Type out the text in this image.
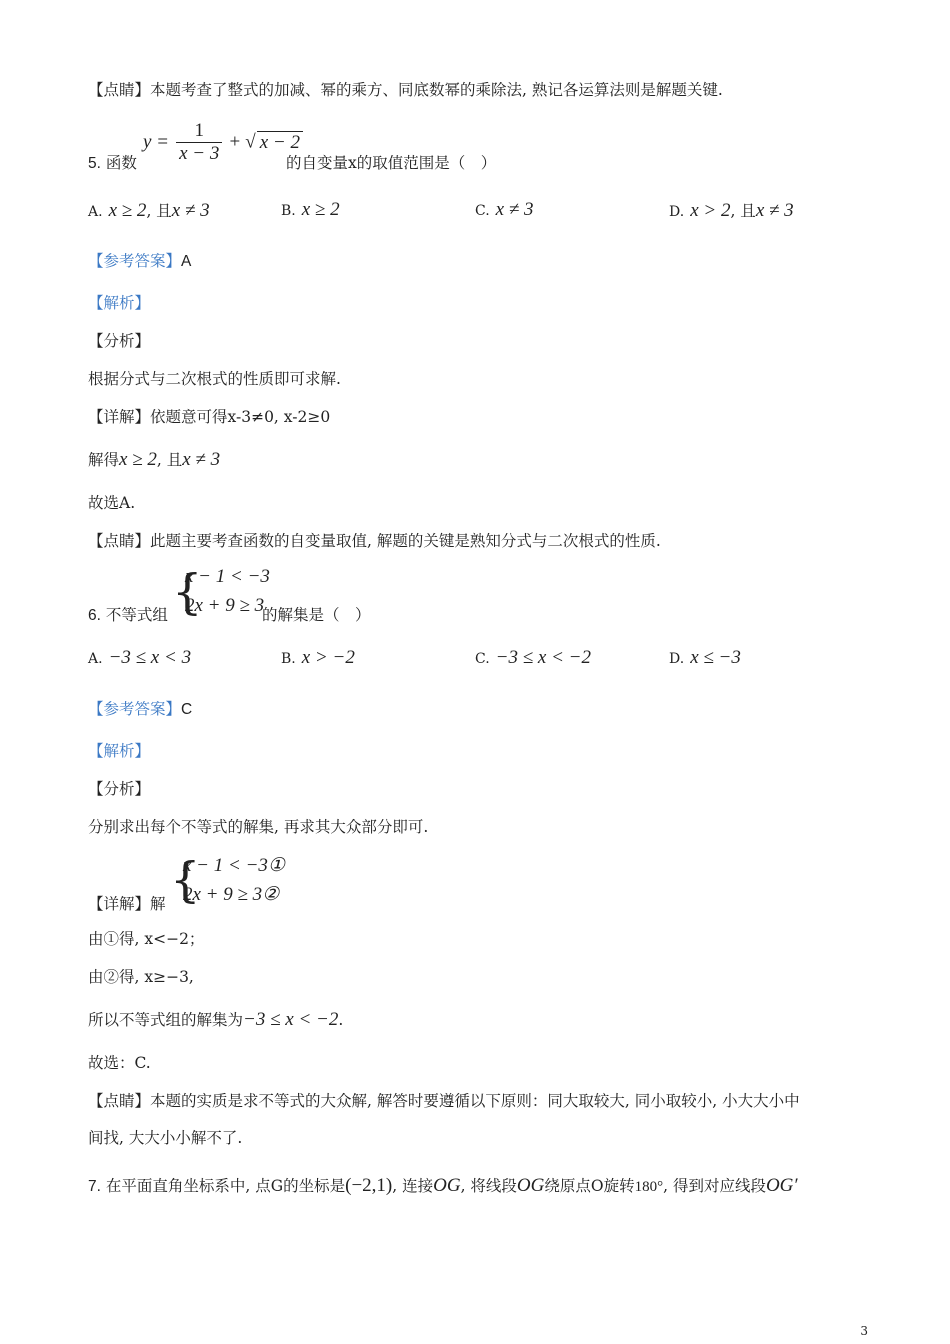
【点睛】本题考查了整式的加减、幂的乘方、同底数幂的乘除法, 熟记各运算法则是解题关键.
5. 函数
$y = \frac{1}{x - 3}$ + √ x − 2
的自变量x的取值范围是（　）
A. x ≥ 2, 且x ≠ 3	B. x ≥ 2	C. x ≠ 3	D. x > 2, 且x ≠ 3
【参考答案】A
【解析】
【分析】
根据分式与二次根式的性质即可求解.
【详解】依题意可得x-3≠0, x-2≥0
解得x ≥ 2, 且x ≠ 3
故选A.
【点睛】此题主要考查函数的自变量取值, 解题的关键是熟知分式与二次根式的性质.
6. 不等式组 {
x − 1 < −3
2x + 9 ≥ 3
的解集是（　）
A. −3 ≤ x < 3	B. x > −2	C. −3 ≤ x < −2	D. x ≤ −3
【参考答案】C
【解析】
【分析】
分别求出每个不等式的解集, 再求其大众部分即可.
【详解】解 {
x − 1 < −3①
2x + 9 ≥ 3②
由①得, x<−2；
由②得, x≥−3,
所以不等式组的解集为−3 ≤ x < −2.
故选：C.
【点睛】本题的实质是求不等式的大众解, 解答时要遵循以下原则：同大取较大, 同小取较小, 小大大小中
间找, 大大小小解不了.
7. 在平面直角坐标系中, 点G的坐标是(−2,1), 连接OG, 将线段OG绕原点O旋转180°, 得到对应线段OG′
3
